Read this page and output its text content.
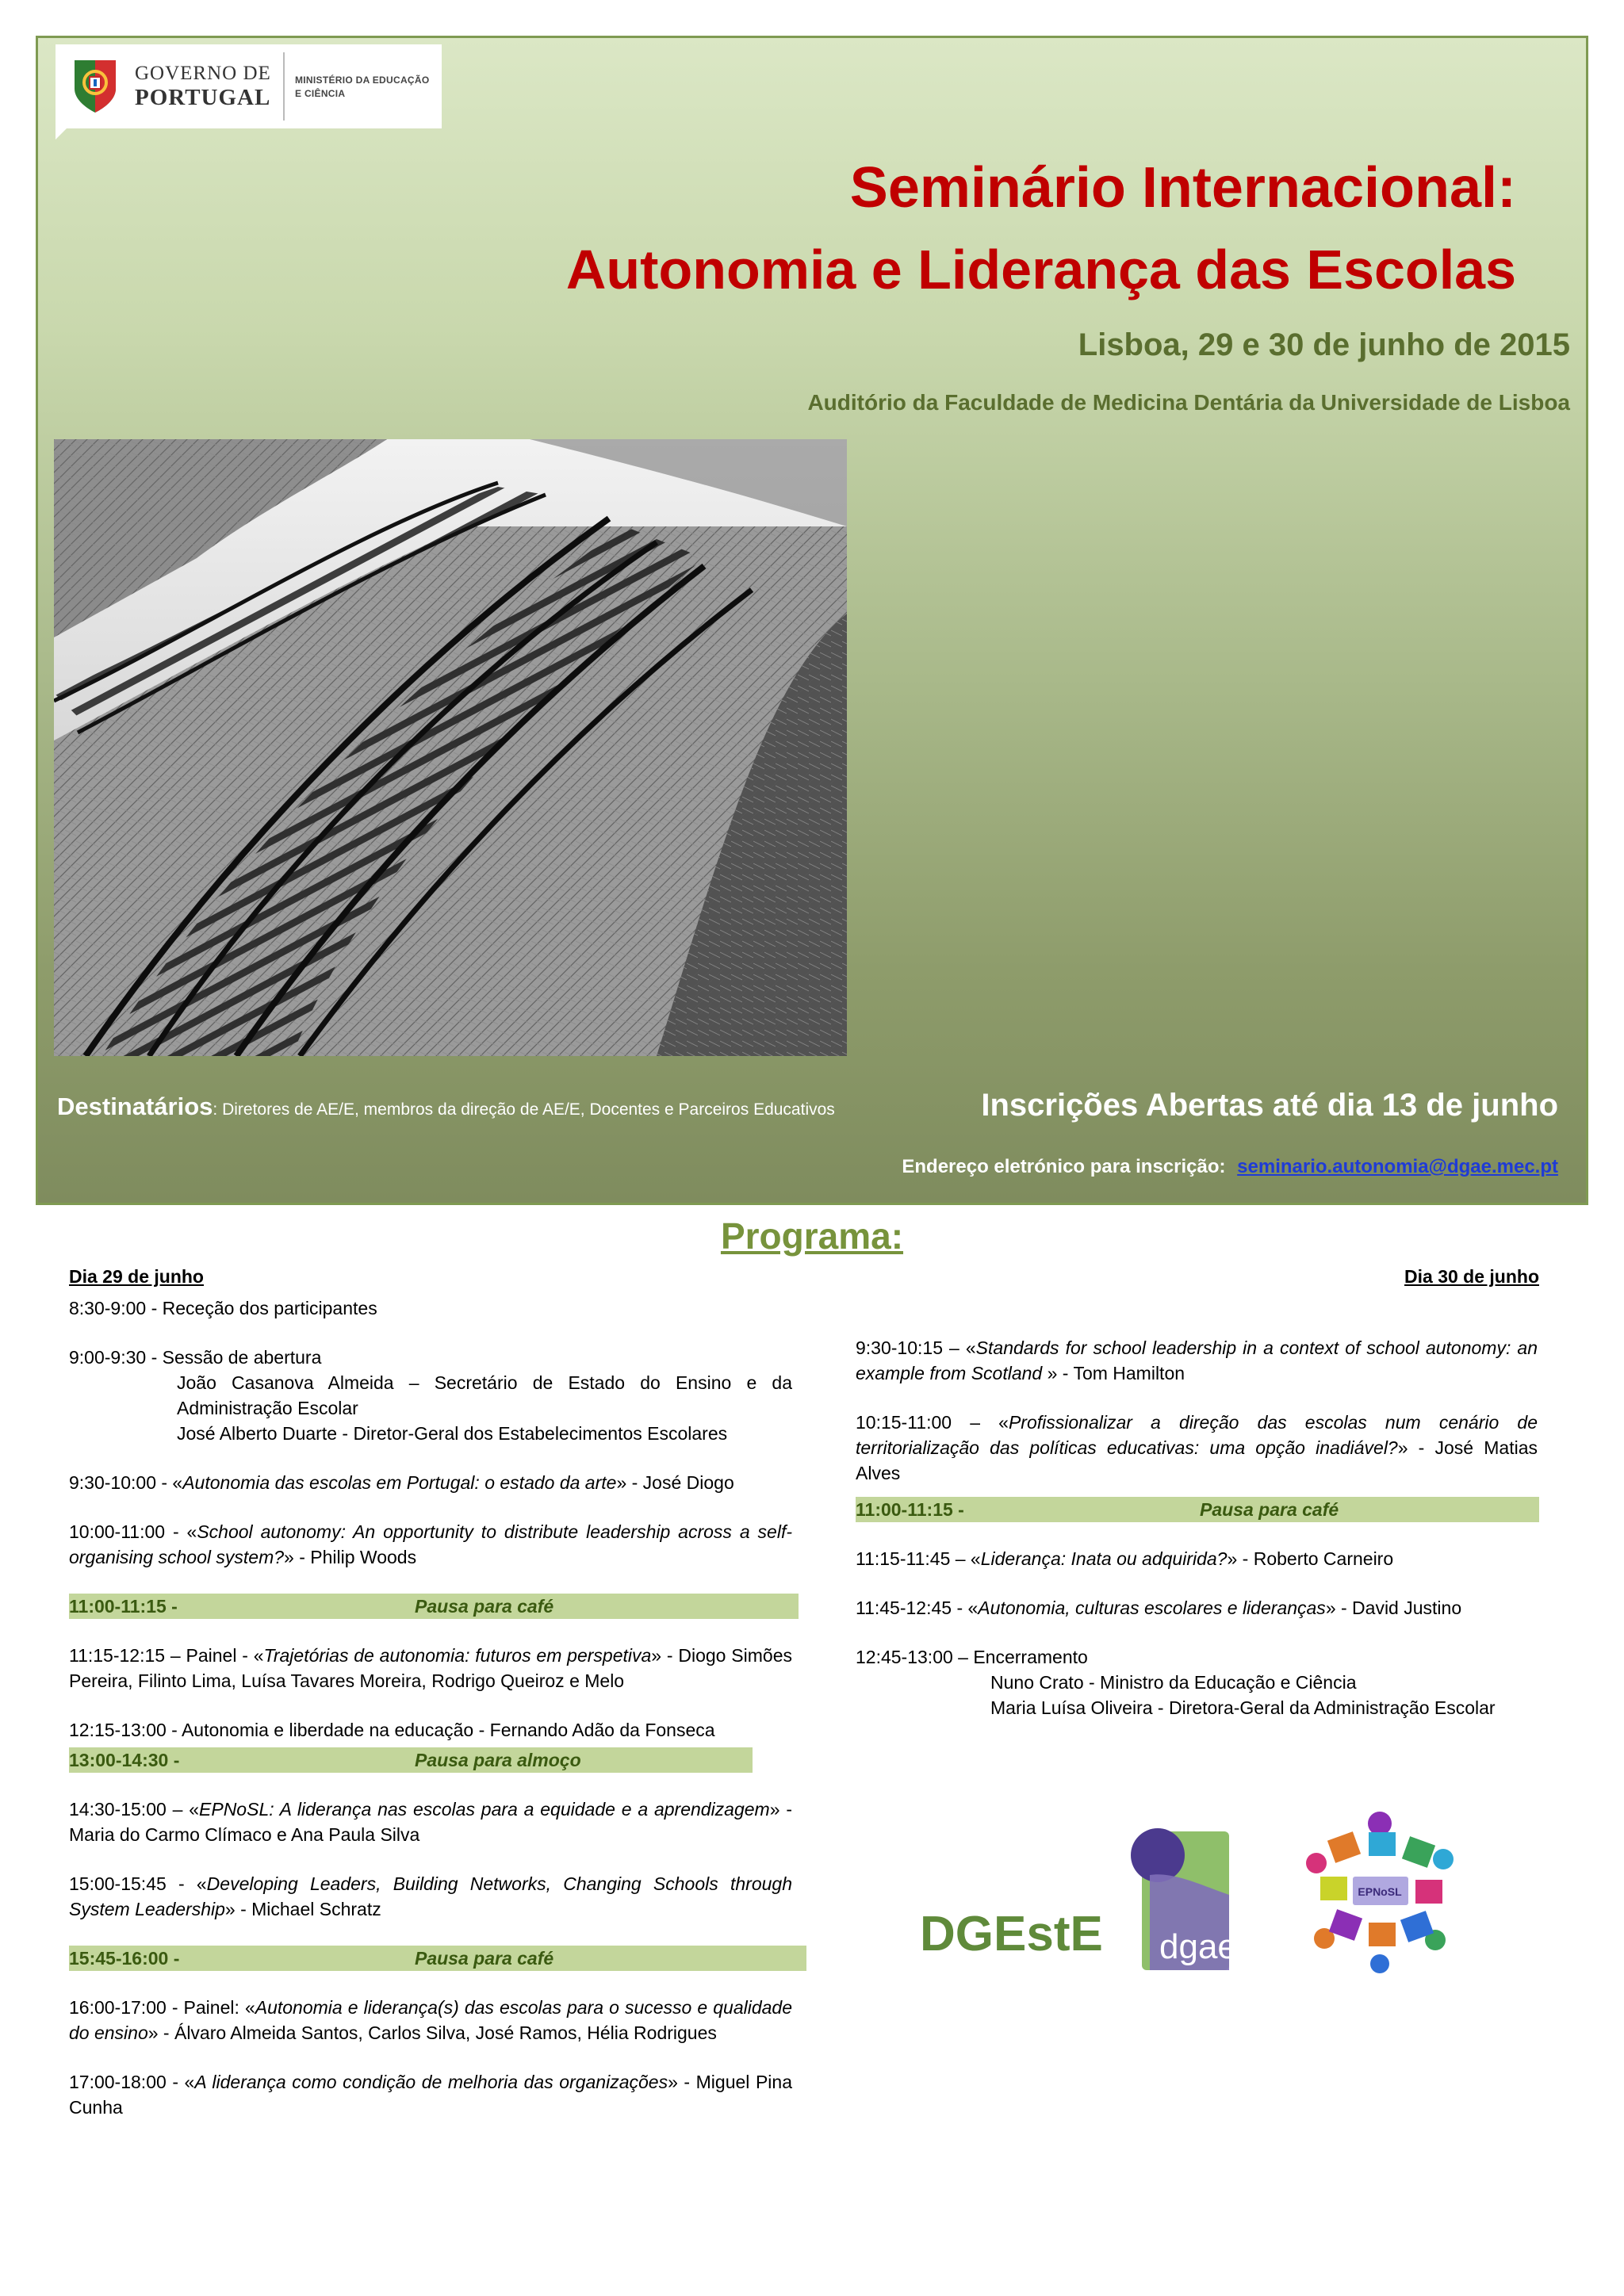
GOVERNO DE
PORTUGAL
MINISTÉRIO DA EDUCAÇÃO
E CIÊNCIA
Seminário Internacional:
Autonomia e Liderança das Escolas
Lisboa, 29 e 30 de junho de 2015
Auditório da Faculdade de Medicina Dentária da Universidade de Lisboa
Destinatários: Diretores de AE/E, membros da direção de AE/E, Docentes e Parceiros Educativos	Inscrições Abertas até dia 13 de junho
Endereço eletrónico para inscrição: seminario.autonomia@dgae.mec.pt
Programa:
Dia 29 de junho	Dia 30 de junho
8:30-9:00 - Receção dos participantes
9:00-9:30 - Sessão de abertura
João Casanova Almeida – Secretário de Estado do Ensino e da Administração Escolar
José Alberto Duarte - Diretor-Geral dos Estabelecimentos Escolares
9:30-10:00 - «Autonomia das escolas em Portugal: o estado da arte» - José Diogo
10:00-11:00 - «School autonomy: An opportunity to distribute leadership across a self-organising school system?» - Philip Woods
11:00-11:15 -	Pausa para café
11:15-12:15 – Painel - «Trajetórias de autonomia: futuros em perspetiva» - Diogo Simões Pereira, Filinto Lima, Luísa Tavares Moreira, Rodrigo Queiroz e Melo
12:15-13:00 - Autonomia e liberdade na educação - Fernando Adão da Fonseca
13:00-14:30 -	Pausa para almoço
14:30-15:00 – «EPNoSL: A liderança nas escolas para a equidade e a aprendizagem» - Maria do Carmo Clímaco e Ana Paula Silva
15:00-15:45 - «Developing Leaders, Building Networks, Changing Schools through System Leadership» - Michael Schratz
15:45-16:00 -	Pausa para café
16:00-17:00 - Painel: «Autonomia e liderança(s) das escolas para o sucesso e qualidade do ensino» - Álvaro Almeida Santos, Carlos Silva, José Ramos, Hélia Rodrigues
17:00-18:00 - «A liderança como condição de melhoria das organizações» - Miguel Pina Cunha
9:30-10:15 – «Standards for school leadership in a context of school autonomy: an example from Scotland » - Tom Hamilton
10:15-11:00 – «Profissionalizar a direção das escolas num cenário de territorialização das políticas educativas: uma opção inadiável?» - José Matias Alves
11:00-11:15 -	Pausa para café
11:15-11:45 – «Liderança: Inata ou adquirida?» - Roberto Carneiro
11:45-12:45 - «Autonomia, culturas escolares e lideranças» - David Justino
12:45-13:00 – Encerramento
Nuno Crato - Ministro da Educação e Ciência
Maria Luísa Oliveira - Diretora-Geral da Administração Escolar
DGEstE dgae
EPNoSL
